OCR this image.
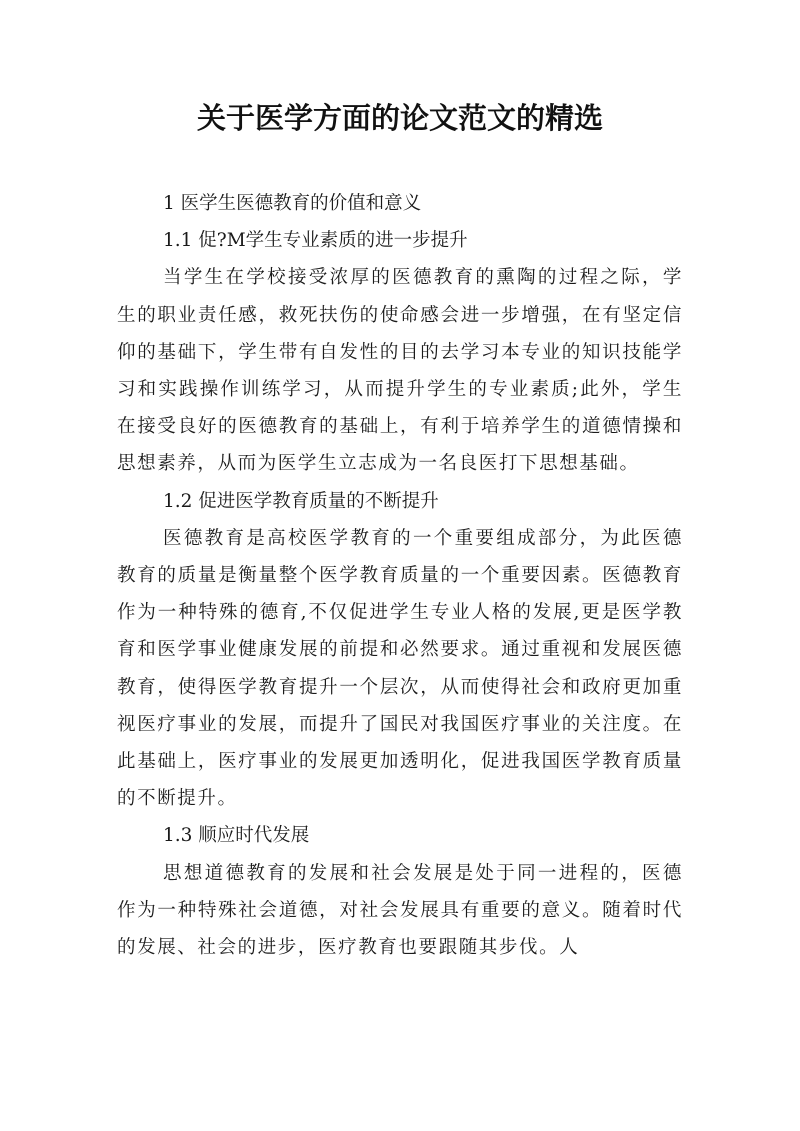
关于医学方面的论文范文的精选

1 医学生医德教育的价值和意义

1.1 促?M学生专业素质的进一步提升

当学生在学校接受浓厚的医德教育的熏陶的过程之际，学生的职业责任感，救死扶伤的使命感会进一步增强，在有坚定信仰的基础下，学生带有自发性的目的去学习本专业的知识技能学习和实践操作训练学习，从而提升学生的专业素质;此外，学生在接受良好的医德教育的基础上，有利于培养学生的道德情操和思想素养，从而为医学生立志成为一名良医打下思想基础。

1.2 促进医学教育质量的不断提升

医德教育是高校医学教育的一个重要组成部分，为此医德教育的质量是衡量整个医学教育质量的一个重要因素。医德教育作为一种特殊的德育,不仅促进学生专业人格的发展,更是医学教育和医学事业健康发展的前提和必然要求。通过重视和发展医德教育，使得医学教育提升一个层次，从而使得社会和政府更加重视医疗事业的发展，而提升了国民对我国医疗事业的关注度。在此基础上，医疗事业的发展更加透明化，促进我国医学教育质量的不断提升。

1.3 顺应时代发展

思想道德教育的发展和社会发展是处于同一进程的，医德作为一种特殊社会道德，对社会发展具有重要的意义。随着时代的发展、社会的进步，医疗教育也要跟随其步伐。人
